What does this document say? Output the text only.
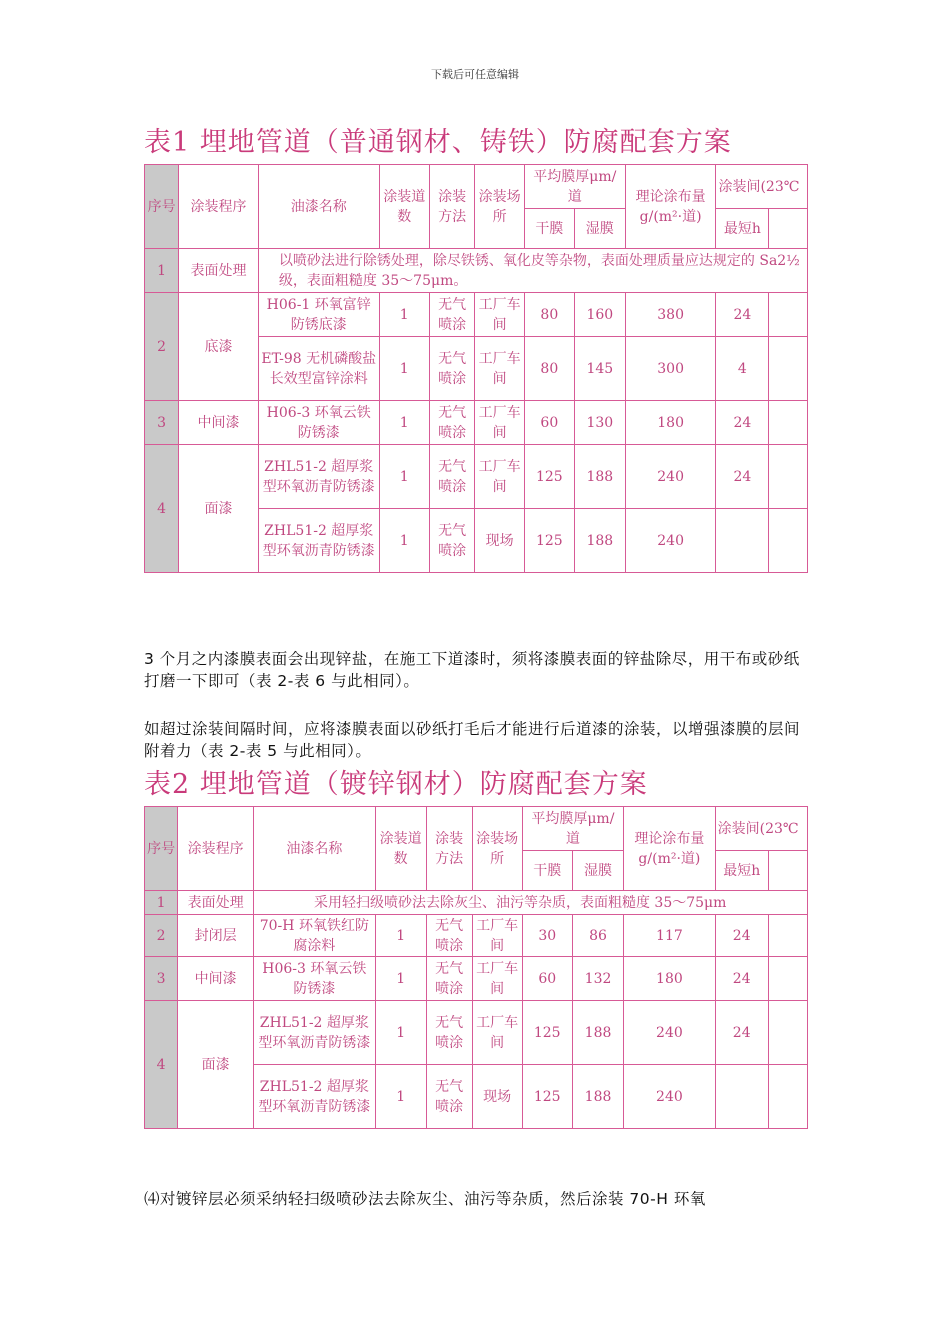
下载后可任意编辑
表1 埋地管道（普通钢材、铸铁）防腐配套方案
序号	涂装程序	油漆名称	涂装道数	涂装方法	涂装场所	平均膜厚μm/道		理论涂布量g/(m²·道)	涂装间(23℃	
						干膜	湿膜		最短h	
1	表面处理	以喷砂法进行除锈处理，除尽铁锈、氧化皮等杂物，表面处理质量应达规定的 Sa2½ 级，表面粗糙度 35～75μm。								
2	底漆	H06-1 环氧富锌防锈底漆	1	无气喷涂	工厂车间	80	160	380	24	
		ET-98 无机磷酸盐长效型富锌涂料	1	无气喷涂	工厂车间	80	145	300	4	
3	中间漆	H06-3 环氧云铁防锈漆	1	无气喷涂	工厂车间	60	130	180	24	
4	面漆	ZHL51-2 超厚浆型环氧沥青防锈漆	1	无气喷涂	工厂车间	125	188	240	24	
		ZHL51-2 超厚浆型环氧沥青防锈漆	1	无气喷涂	现场	125	188	240		
3 个月之内漆膜表面会出现锌盐，在施工下道漆时，须将漆膜表面的锌盐除尽，用干布或砂纸打磨一下即可（表 2-表 6 与此相同）。
如超过涂装间隔时间，应将漆膜表面以砂纸打毛后才能进行后道漆的涂装，以增强漆膜的层间附着力（表 2-表 5 与此相同）。
表2 埋地管道（镀锌钢材）防腐配套方案
序号	涂装程序	油漆名称	涂装道数	涂装方法	涂装场所	平均膜厚μm/道		理论涂布量g/(m²·道)	涂装间(23℃	
						干膜	湿膜		最短h	
1	表面处理	采用轻扫级喷砂法去除灰尘、油污等杂质，表面粗糙度 35～75μm								
2	封闭层	70-H 环氧铁红防腐涂料	1	无气喷涂	工厂车间	30	86	117	24	
3	中间漆	H06-3 环氧云铁防锈漆	1	无气喷涂	工厂车间	60	132	180	24	
4	面漆	ZHL51-2 超厚浆型环氧沥青防锈漆	1	无气喷涂	工厂车间	125	188	240	24	
		ZHL51-2 超厚浆型环氧沥青防锈漆	1	无气喷涂	现场	125	188	240		
⑷对镀锌层必须采纳轻扫级喷砂法去除灰尘、油污等杂质，然后涂装 70-H 环氧
